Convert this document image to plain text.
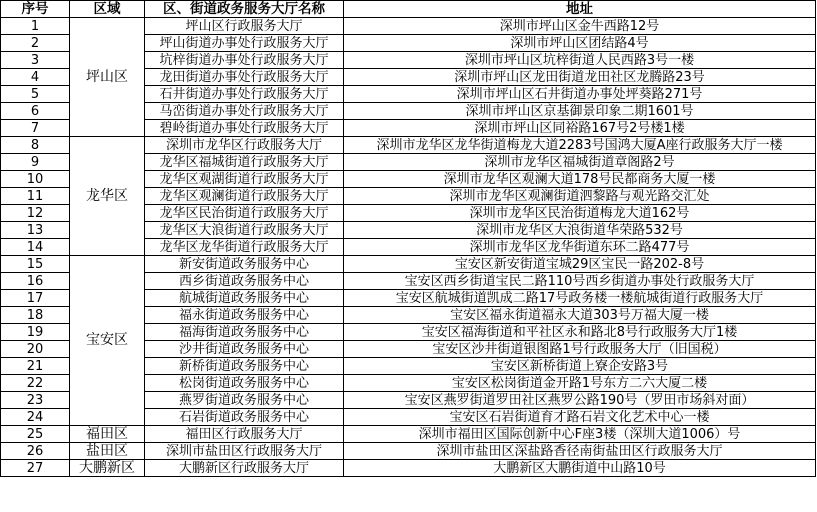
序号	区域	区、街道政务服务大厅名称	地址
1	坪山区	坪山区行政服务大厅	深圳市坪山区金牛西路12号
2		坪山街道办事处行政服务大厅	深圳市坪山区团结路4号
3		坑梓街道办事处行政服务大厅	深圳市坪山区坑梓街道人民西路3号一楼
4		龙田街道办事处行政服务大厅	深圳市坪山区龙田街道龙田社区龙腾路23号
5		石井街道办事处行政服务大厅	深圳市坪山区石井街道办事处坪葵路271号
6		马峦街道办事处行政服务大厅	深圳市坪山区京基御景印象二期1601号
7		碧岭街道办事处行政服务大厅	深圳市坪山区同裕路167号2号楼1楼
8	龙华区	深圳市龙华区行政服务大厅	深圳市龙华区龙华街道梅龙大道2283号国鸿大厦A座行政服务大厅一楼
9		龙华区福城街道行政服务大厅	深圳市龙华区福城街道章阁路2号
10		龙华区观湖街道行政服务大厅	深圳市龙华区观澜大道178号民都商务大厦一楼
11		龙华区观澜街道行政服务大厅	深圳市龙华区观澜街道泗黎路与观光路交汇处
12		龙华区民治街道行政服务大厅	深圳市龙华区民治街道梅龙大道162号
13		龙华区大浪街道行政服务大厅	深圳市龙华区大浪街道华荣路532号
14		龙华区龙华街道行政服务大厅	深圳市龙华区龙华街道东环二路477号
15	宝安区	新安街道政务服务中心	宝安区新安街道宝城29区宝民一路202-8号
16		西乡街道政务服务中心	宝安区西乡街道宝民二路110号西乡街道办事处行政服务大厅
17		航城街道政务服务中心	宝安区航城街道凯成二路17号政务楼一楼航城街道行政服务大厅
18		福永街道政务服务中心	宝安区福永街道福永大道303号万福大厦一楼
19		福海街道政务服务中心	宝安区福海街道和平社区永和路北8号行政服务大厅1楼
20		沙井街道政务服务中心	宝安区沙井街道银图路1号行政服务大厅（旧国税）
21		新桥街道政务服务中心	宝安区新桥街道上寮企安路3号
22		松岗街道政务服务中心	宝安区松岗街道金开路1号东方二六大厦二楼
23		燕罗街道政务服务中心	宝安区燕罗街道罗田社区燕罗公路190号（罗田市场斜对面）
24		石岩街道政务服务中心	宝安区石岩街道育才路石岩文化艺术中心一楼
25	福田区	福田区行政服务大厅	深圳市福田区国际创新中心F座3楼（深圳大道1006）号
26	盐田区	深圳市盐田区行政服务大厅	深圳市盐田区深盐路香径南街盐田区行政服务大厅
27	大鹏新区	大鹏新区行政服务大厅	大鹏新区大鹏街道中山路10号
